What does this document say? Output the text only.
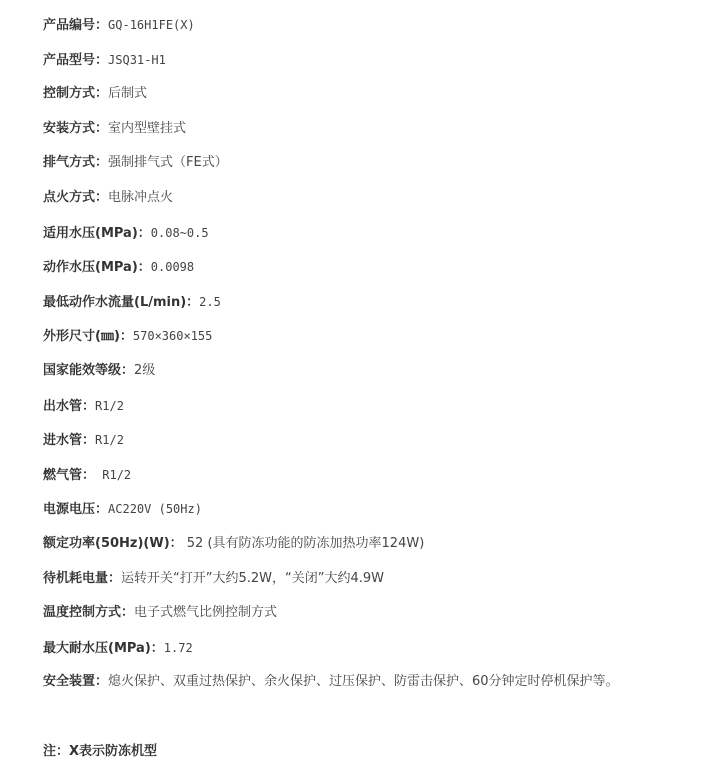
产品编号：GQ-16H1FE(X)
产品型号：JSQ31-H1
控制方式：后制式
安装方式：室内型壁挂式
排气方式：强制排气式（FE式）
点火方式：电脉冲点火
适用水压(MPa)：0.08~0.5
动作水压(MPa)：0.0098
最低动作水流量(L/min)：2.5
外形尺寸(㎜)：570×360×155
国家能效等级：2级
出水管：R1/2
进水管：R1/2
燃气管： R1/2
电源电压：AC220V (50Hz)
额定功率(50Hz)(W)： 52 (具有防冻功能的防冻加热功率124W)
待机耗电量：运转开关“打开”大约5.2W，“关闭”大约4.9W
温度控制方式：电子式燃气比例控制方式
最大耐水压(MPa)：1.72
安全装置：熄火保护、双重过热保护、余火保护、过压保护、防雷击保护、60分钟定时停机保护等。
注：X表示防冻机型
